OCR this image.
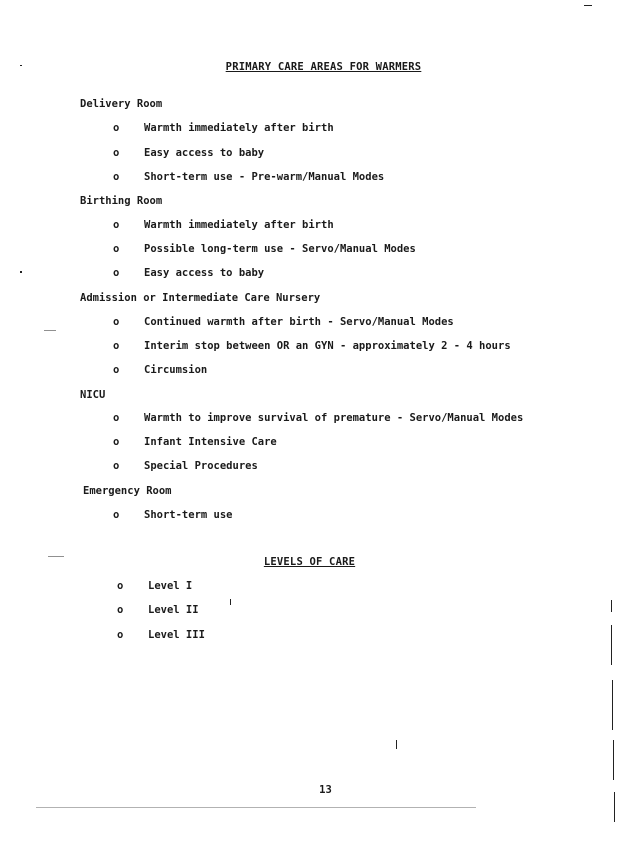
PRIMARY CARE AREAS FOR WARMERS
Delivery Room
o Warmth immediately after birth
o Easy access to baby
o Short-term use - Pre-warm/Manual Modes
Birthing Room
o Warmth immediately after birth
o Possible long-term use - Servo/Manual Modes
o Easy access to baby
Admission or Intermediate Care Nursery
o Continued warmth after birth - Servo/Manual Modes
o Interim stop between OR an GYN - approximately 2 - 4 hours
o Circumsion
NICU
o Warmth to improve survival of premature - Servo/Manual Modes
o Infant Intensive Care
o Special Procedures
Emergency Room
o Short-term use
LEVELS OF CARE
o Level I
o Level II
o Level III
13
